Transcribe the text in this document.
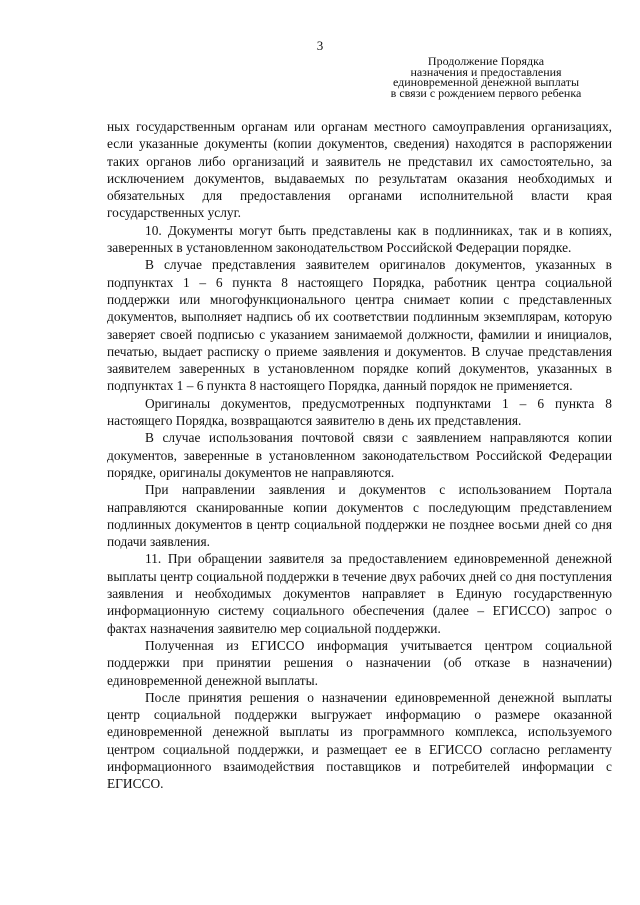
3
Продолжение Порядка
назначения и предоставления
единовременной денежной выплаты
в связи с рождением первого ребенка

ных государственным органам или органам местного самоуправления организациях, если указанные документы (копии документов, сведения) находятся в распоряжении таких органов либо организаций и заявитель не представил их самостоятельно, за исключением документов, выдаваемых по результатам оказания необходимых и обязательных для предоставления органами исполнительной власти края государственных услуг.

10. Документы могут быть представлены как в подлинниках, так и в копиях, заверенных в установленном законодательством Российской Федерации порядке.

В случае представления заявителем оригиналов документов, указанных в подпунктах 1 – 6 пункта 8 настоящего Порядка, работник центра социальной поддержки или многофункционального центра снимает копии с представленных документов, выполняет надпись об их соответствии подлинным экземплярам, которую заверяет своей подписью с указанием занимаемой должности, фамилии и инициалов, печатью, выдает расписку о приеме заявления и документов. В случае представления заявителем заверенных в установленном порядке копий документов, указанных в подпунктах 1 – 6 пункта 8 настоящего Порядка, данный порядок не применяется.

Оригиналы документов, предусмотренных подпунктами 1 – 6 пункта 8 настоящего Порядка, возвращаются заявителю в день их представления.

В случае использования почтовой связи с заявлением направляются копии документов, заверенные в установленном законодательством Российской Федерации порядке, оригиналы документов не направляются.

При направлении заявления и документов с использованием Портала направляются сканированные копии документов с последующим представлением подлинных документов в центр социальной поддержки не позднее восьми дней со дня подачи заявления.

11. При обращении заявителя за предоставлением единовременной денежной выплаты центр социальной поддержки в течение двух рабочих дней со дня поступления заявления и необходимых документов направляет в Единую государственную информационную систему социального обеспечения (далее – ЕГИССО) запрос о фактах назначения заявителю мер социальной поддержки.

Полученная из ЕГИССО информация учитывается центром социальной поддержки при принятии решения о назначении (об отказе в назначении) единовременной денежной выплаты.

После принятия решения о назначении единовременной денежной выплаты центр социальной поддержки выгружает информацию о размере оказанной единовременной денежной выплаты из программного комплекса, используемого центром социальной поддержки, и размещает ее в ЕГИССО согласно регламенту информационного взаимодействия поставщиков и потребителей информации с ЕГИССО.
